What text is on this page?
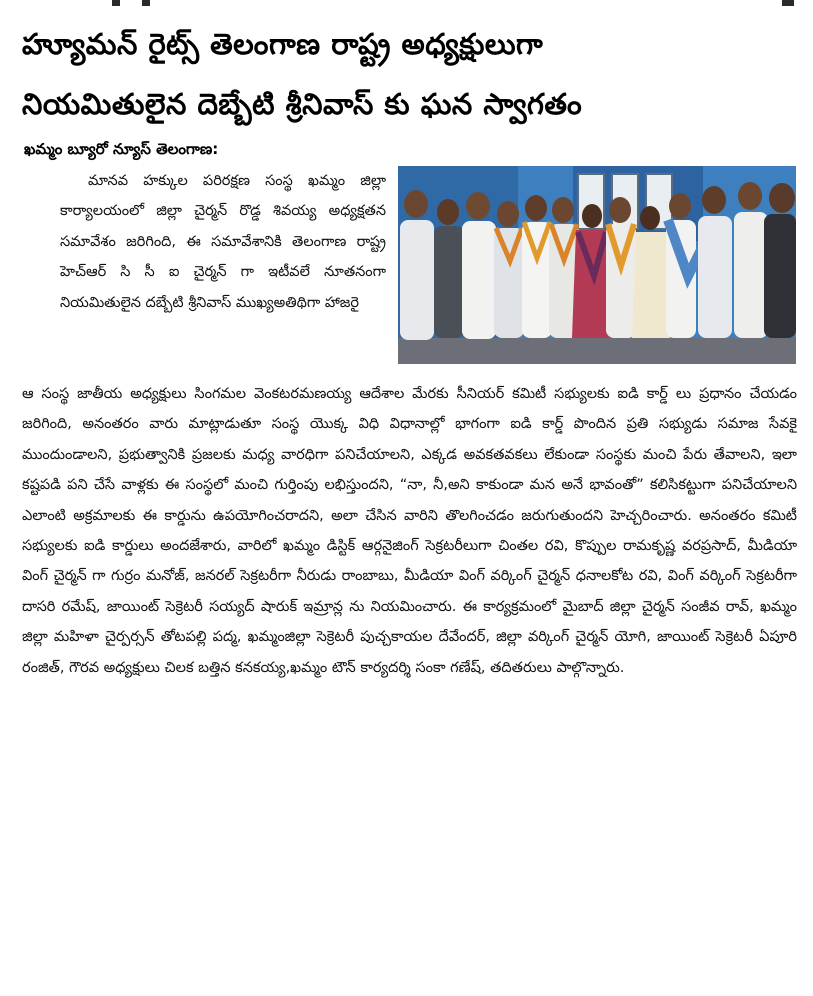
హ్యూమన్ రైట్స్ తెలంగాణ రాష్ట్ర అధ్యక్షులుగా
నియమితులైన దెబ్బేటి శ్రీనివాస్ కు ఘన స్వాగతం
ఖమ్మం బ్యూరో న్యూస్ తెలంగాణ:

మానవ హక్కుల పరిరక్షణ సంస్థ ఖమ్మం జిల్లా కార్యాలయంలో జిల్లా చైర్మన్ రొడ్డ శివయ్య అధ్యక్షతన సమావేశం జరిగింది, ఈ సమావేశానికి తెలంగాణ రాష్ట్ర హెచ్ఆర్ సి సీ ఐ చైర్మన్ గా ఇటీవలే నూతనంగా నియమితులైన దబ్బేటి శ్రీనివాస్ ముఖ్యఅతిథిగా హాజరై

ఆ సంస్థ జాతీయ అధ్యక్షులు సింగమల వెంకటరమణయ్య ఆదేశాల మేరకు సీనియర్ కమిటీ సభ్యులకు ఐడి కార్డ్ లు ప్రధానం చేయడం జరిగింది, అనంతరం వారు మాట్లాడుతూ సంస్థ యొక్క విధి విధానాల్లో భాగంగా ఐడి కార్డ్ పొందిన ప్రతి సభ్యుడు సమాజ సేవకై ముందుండాలని, ప్రభుత్వానికి ప్రజలకు మధ్య వారధిగా పనిచేయాలని, ఎక్కడ అవకతవకలు లేకుండా సంస్థకు మంచి పేరు తేవాలని, ఇలా కష్టపడి పని చేసే వాళ్లకు ఈ సంస్థలో మంచి గుర్తింపు లభిస్తుందని, “నా, నీ,అని కాకుండా మన అనే భావంతో” కలిసికట్టుగా పనిచేయాలని ఎలాంటి అక్రమాలకు ఈ కార్డును ఉపయోగించరాదని, అలా చేసిన వారిని తొలగించడం జరుగుతుందని హెచ్చరించారు. అనంతరం కమిటీ సభ్యులకు ఐడి కార్డులు అందజేశారు, వారిలో ఖమ్మం డిస్టిక్ ఆర్గనైజింగ్ సెక్రటరీలుగా చింతల రవి, కొప్పుల రామకృష్ణ వరప్రసాద్, మీడియా వింగ్ చైర్మన్ గా గుర్రం మనోజ్, జనరల్ సెక్రటరీగా నీరుడు రాంబాబు, మీడియా వింగ్ వర్కింగ్ చైర్మన్ ధనాలకోట రవి, వింగ్ వర్కింగ్ సెక్రటరీగా దాసరి రమేష్, జాయింట్ సెక్రెటరీ సయ్యద్ షారుక్ ఇమ్రాన్ల ను నియమించారు. ఈ కార్యక్రమంలో మైబాద్ జిల్లా చైర్మన్ సంజీవ రావ్, ఖమ్మం జిల్లా మహిళా చైర్పర్సన్ తోటపల్లి పద్మ, ఖమ్మంజిల్లా సెక్రెటరీ పుచ్చకాయల దేవేందర్, జిల్లా వర్కింగ్ చైర్మన్ యోగి, జాయింట్ సెక్రెటరీ ఏపూరి రంజిత్, గౌరవ అధ్యక్షులు చిలక బత్తిన కనకయ్య,ఖమ్మం టౌన్ కార్యదర్శి సంకా గణేష్, తదితరులు పాల్గొన్నారు.
